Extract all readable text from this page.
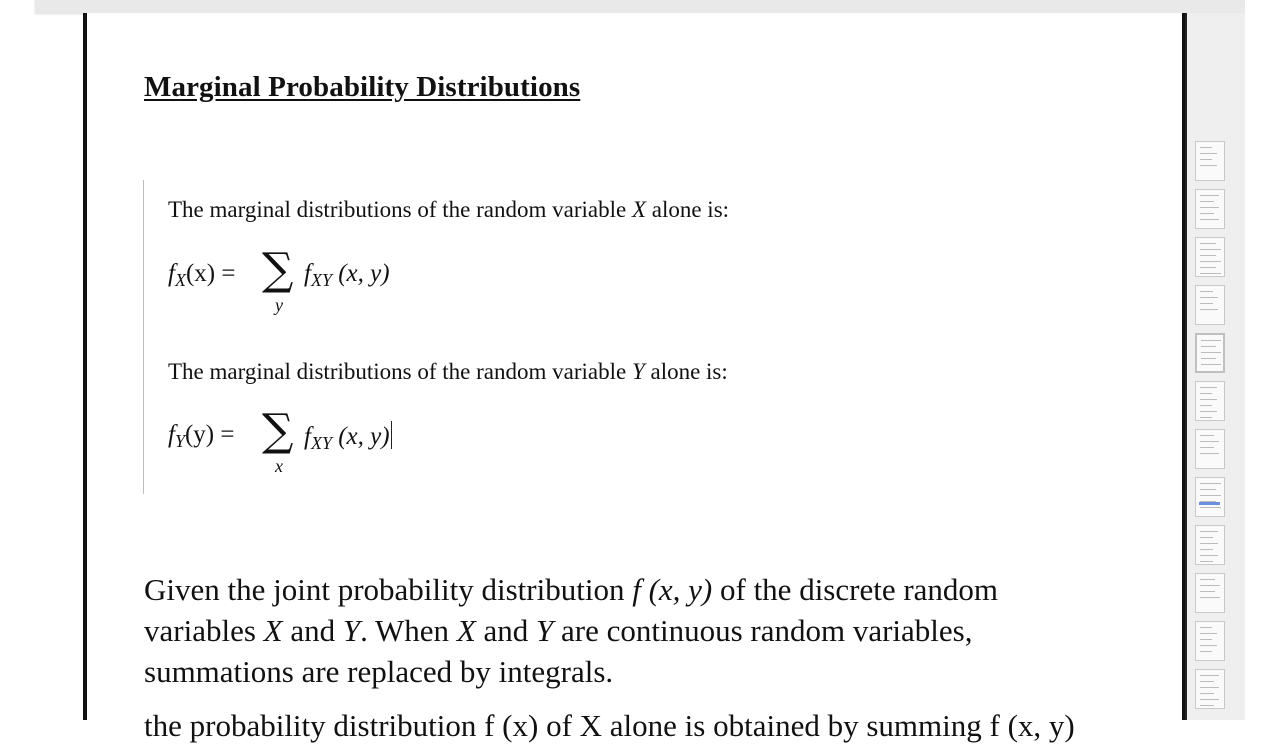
Marginal Probability Distributions
The marginal distributions of the random variable X alone is:
$f_X(x)$ = ∑
y
$f_{XY}$ (x, y)
The marginal distributions of the random variable Y alone is:
$f_Y(y)$ = ∑
x
$f_{XY}$ (x, y)
Given the joint probability distribution f (x, y) of the discrete random variables X and Y. When X and Y are continuous random variables, summations are replaced by integrals.
the probability distribution f (x) of X alone is obtained by summing f (x, y)
